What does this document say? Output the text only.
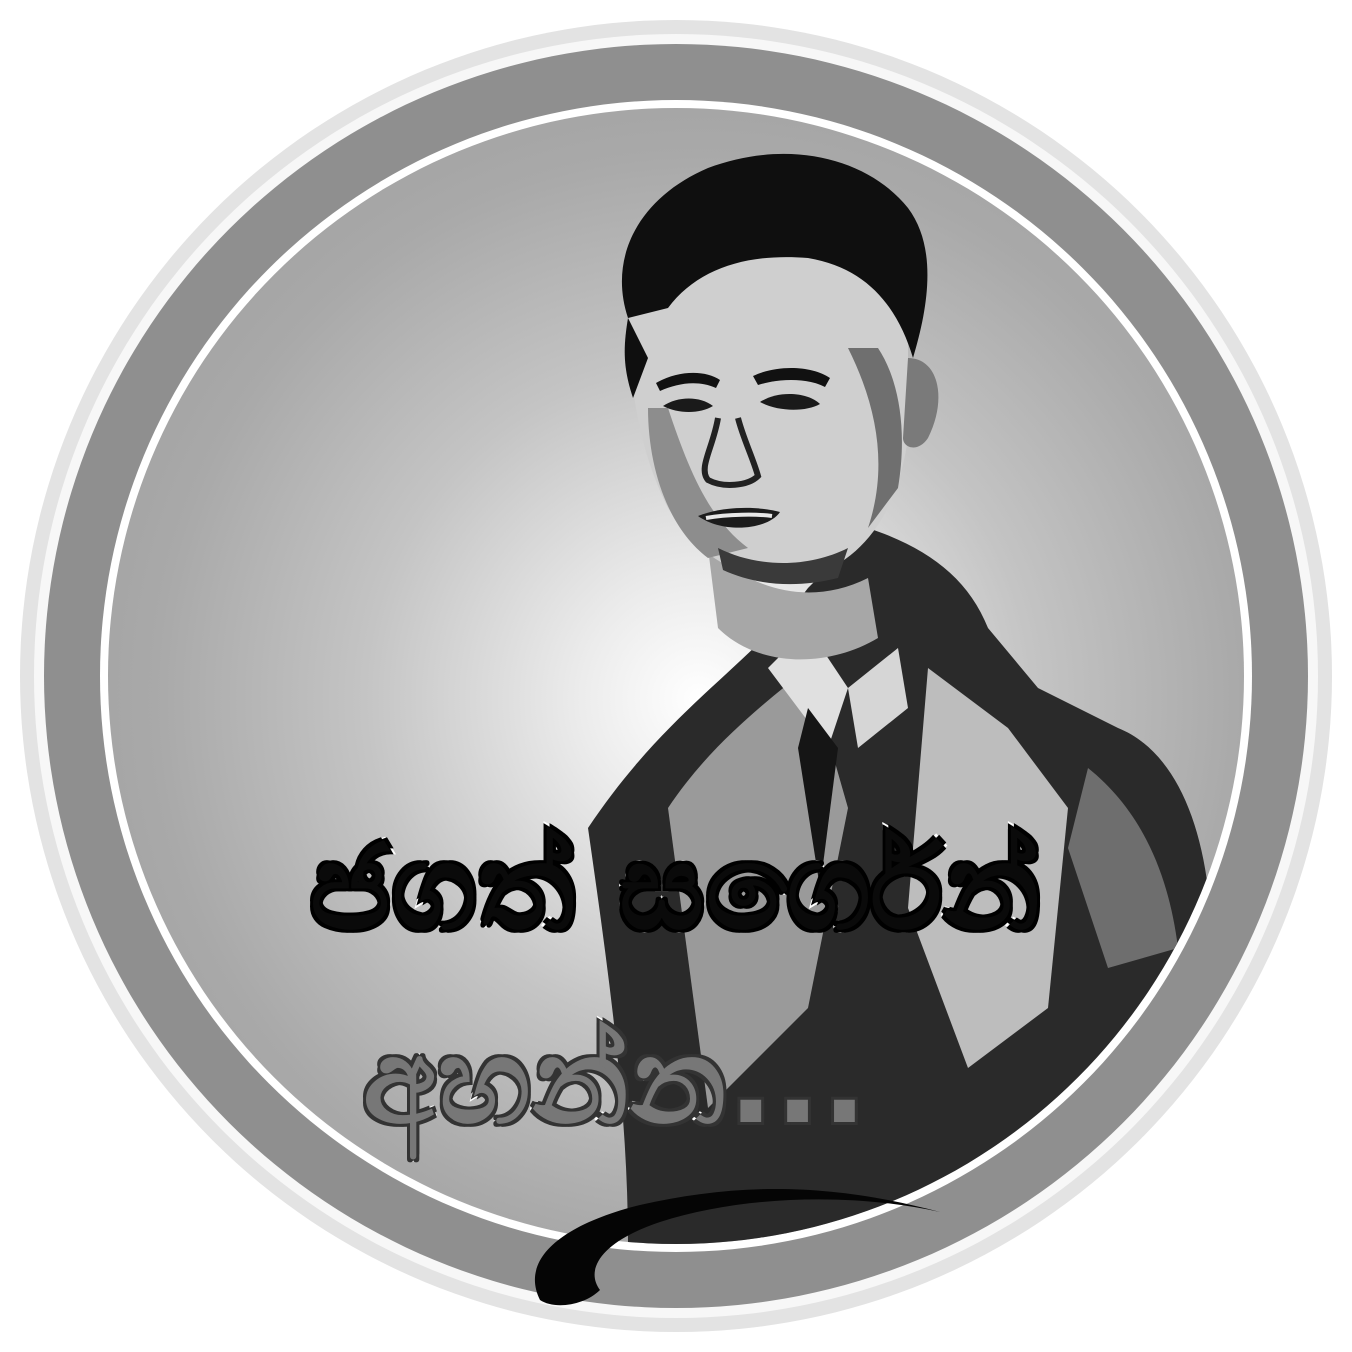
ජගත් සර්ගෙන්
අහන්න...
